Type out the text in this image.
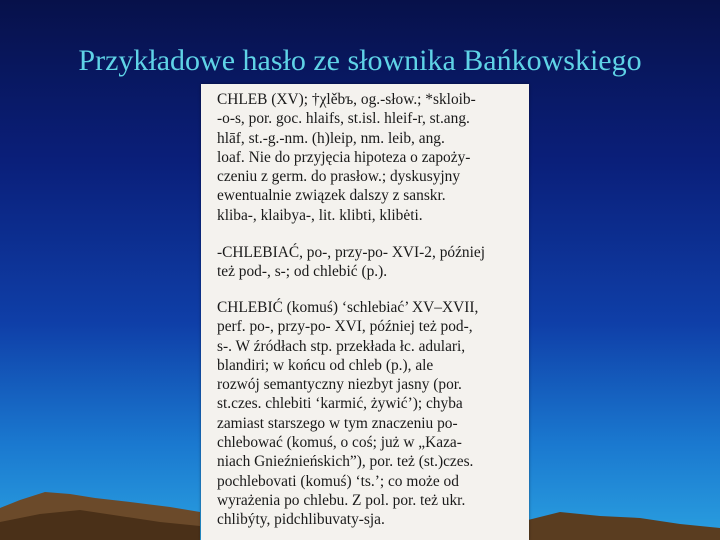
Przykładowe hasło ze słownika Bańkowskiego

CHLEB (XV); †χlěbъ, og.-słow.; *skloib-

-o-s, por. goc. hlaifs, st.isl. hleif-r, st.ang.

hlāf, st.-g.-nm. (h)leip, nm. leib, ang.

loaf. Nie do przyjęcia hipoteza o zapoży-

czeniu z germ. do prasłow.; dyskusyjny

ewentualnie związek dalszy z sanskr.

kliba-, klaibya-, lit. klibti, klibėti.

-CHLEBIAĆ, po-, przy-po- XVI-2, później

też pod-, s-; od chlebić (p.).

CHLEBIĆ (komuś) ‘schlebiać’ XV–XVII,

perf. po-, przy-po- XVI, później też pod-,

s-. W źródłach stp. przekłada łc. adulari,

blandiri; w końcu od chleb (p.), ale

rozwój semantyczny niezbyt jasny (por.

st.czes. chlebiti ‘karmić, żywić’); chyba

zamiast starszego w tym znaczeniu po-

chlebować (komuś, o coś; już w „Kaza-

niach Gnieźnieńskich”), por. też (st.)czes.

pochlebovati (komuś) ‘ts.’; co może od

wyrażenia po chlebu. Z pol. por. też ukr.

chlibýty, pidchlibuvaty-sja.
